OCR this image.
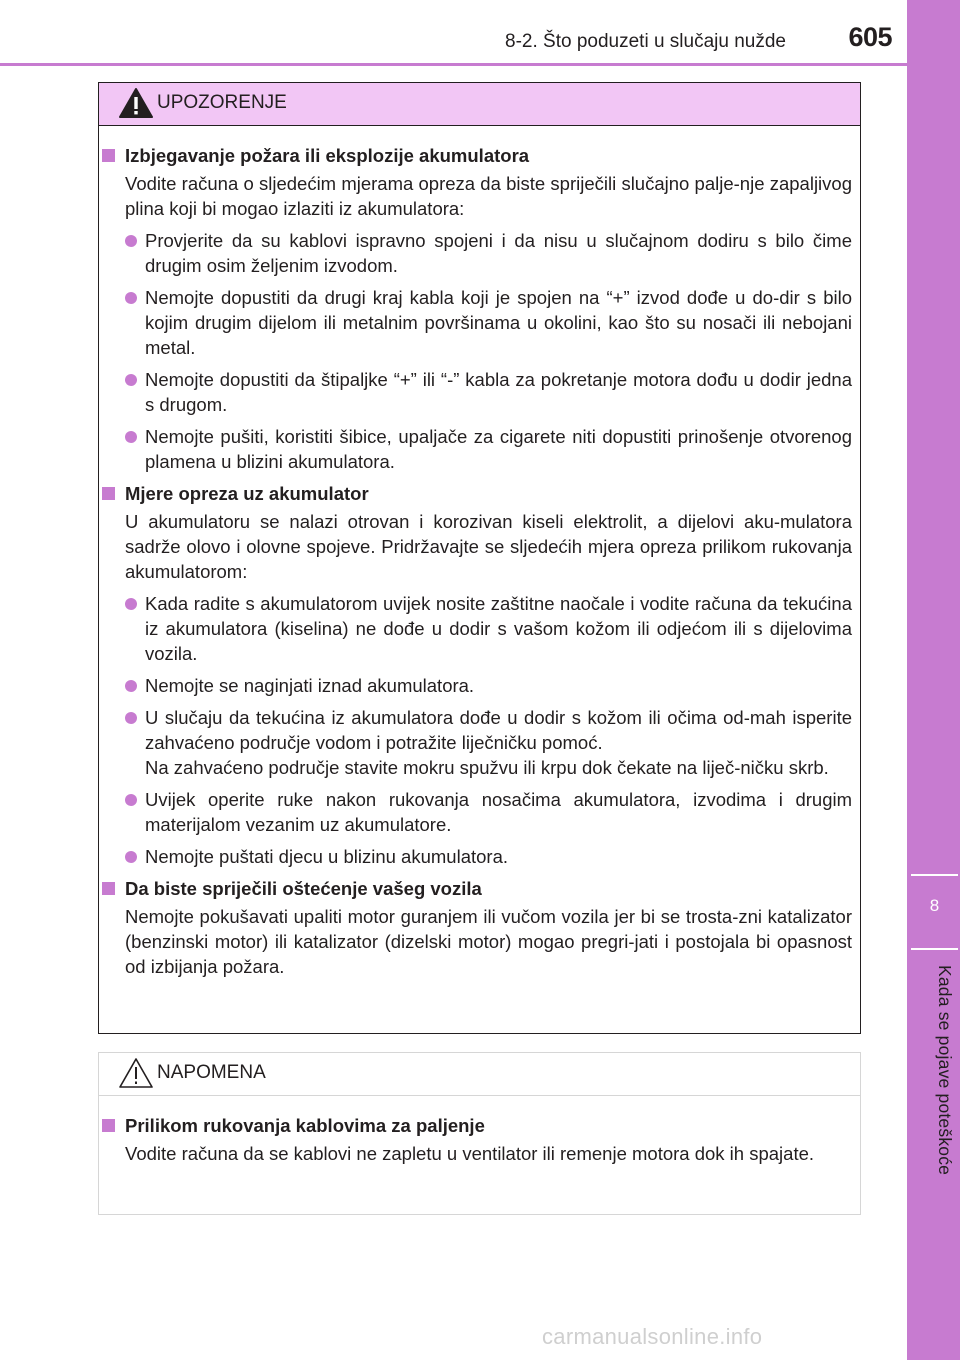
8-2. Što poduzeti u slučaju nužde	605
8
Kada se pojave poteškoće
UPOZORENJE
Izbjegavanje požara ili eksplozije akumulatora
Vodite računa o sljedećim mjerama opreza da biste spriječili slučajno palje-nje zapaljivog plina koji bi mogao izlaziti iz akumulatora:
Provjerite da su kablovi ispravno spojeni i da nisu u slučajnom dodiru s bilo čime drugim osim željenim izvodom.
Nemojte dopustiti da drugi kraj kabla koji je spojen na “+” izvod dođe u do-dir s bilo kojim drugim dijelom ili metalnim površinama u okolini, kao što su nosači ili nebojani metal.
Nemojte dopustiti da štipaljke “+” ili “-” kabla za pokretanje motora dođu u dodir jedna s drugom.
Nemojte pušiti, koristiti šibice, upaljače za cigarete niti dopustiti prinošenje otvorenog plamena u blizini akumulatora.
Mjere opreza uz akumulator
U akumulatoru se nalazi otrovan i korozivan kiseli elektrolit, a dijelovi aku-mulatora sadrže olovo i olovne spojeve. Pridržavajte se sljedećih mjera opreza prilikom rukovanja akumulatorom:
Kada radite s akumulatorom uvijek nosite zaštitne naočale i vodite računa da tekućina iz akumulatora (kiselina) ne dođe u dodir s vašom kožom ili odjećom ili s dijelovima vozila.
Nemojte se naginjati iznad akumulatora.
U slučaju da tekućina iz akumulatora dođe u dodir s kožom ili očima od-mah isperite zahvaćeno područje vodom i potražite liječničku pomoć.
Na zahvaćeno područje stavite mokru spužvu ili krpu dok čekate na liječ-ničku skrb.
Uvijek operite ruke nakon rukovanja nosačima akumulatora, izvodima i drugim materijalom vezanim uz akumulatore.
Nemojte puštati djecu u blizinu akumulatora.
Da biste spriječili oštećenje vašeg vozila
Nemojte pokušavati upaliti motor guranjem ili vučom vozila jer bi se trosta-zni katalizator (benzinski motor) ili katalizator (dizelski motor) mogao pregri-jati i postojala bi opasnost od izbijanja požara.
NAPOMENA
Prilikom rukovanja kablovima za paljenje
Vodite računa da se kablovi ne zapletu u ventilator ili remenje motora dok ih spajate.
carmanualsonline.info
